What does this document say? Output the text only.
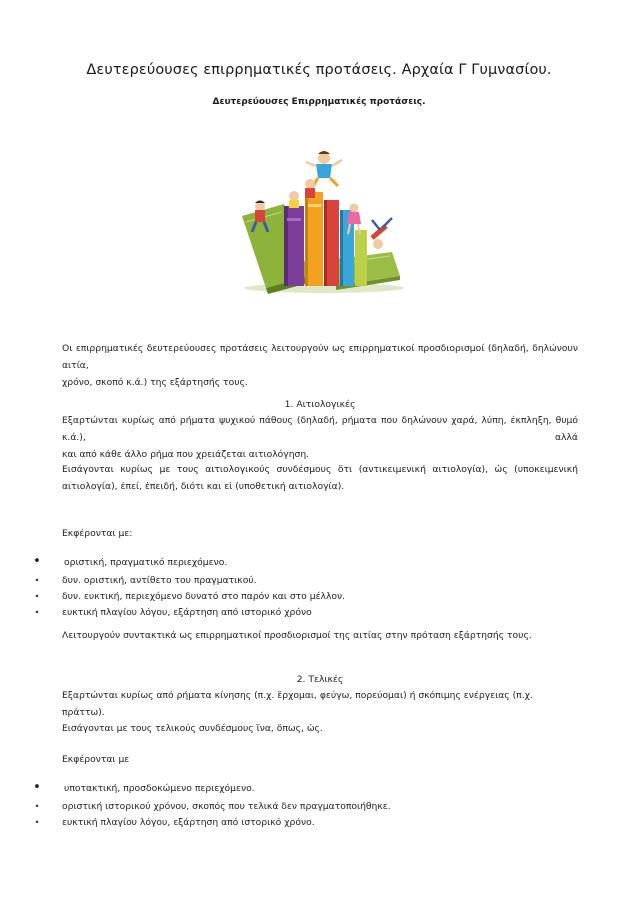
Δευτερεύουσες επιρρηματικές προτάσεις. Αρχαία Γ Γυμνασίου.
Δευτερεύουσες Επιρρηματικές προτάσεις.
Οι επιρρηματικές δευτερεύουσες προτάσεις λειτουργούν ως επιρρηματικοί προσδιορισμοί (δηλαδή, δηλώνουν αιτία,
χρόνο, σκοπό κ.ά.) της εξάρτησής τους.
1. Αιτιολογικές
Εξαρτώνται κυρίως από ρήματα ψυχικού πάθους (δηλαδή, ρήματα που δηλώνουν χαρά, λύπη, έκπληξη, θυμό κ.ά.), αλλά
και από κάθε άλλο ρήμα που χρειάζεται αιτιολόγηση.
Εισάγονται κυρίως με τους αιτιολογικούς συνδέσμους ὅτι (αντικειμενική αιτιολογία), ὡς (υποκειμενική
αιτιολογία), ἐπεί, ἐπειδή, διότι και εἰ (υποθετική αιτιολογία).
Εκφέρονται με:
•	οριστική, πραγματικό περιεχόμενο.
• δυν. οριστική, αντίθετο του πραγματικού.
• δυν. ευκτική, περιεχόμενο δυνατό στο παρόν και στο μέλλον.
• ευκτική πλαγίου λόγου, εξάρτηση από ιστορικό χρόνο
Λειτουργούν συντακτικά ως επιρρηματικοί προσδιορισμοί της αιτίας στην πρόταση εξάρτησής τους.
2. Τελικές
Εξαρτώνται κυρίως από ρήματα κίνησης (π.χ. ἔρχομαι, φεύγω, πορεύομαι) ή σκόπιμης ενέργειας (π.χ. πράττω).
Εισάγονται με τους τελικούς συνδέσμους ἵνα, ὅπως, ὡς.
Εκφέρονται με
•	υποτακτική, προσδοκώμενο περιεχόμενο.
• οριστική ιστορικού χρόνου, σκοπός που τελικά δεν πραγματοποιήθηκε.
• ευκτική πλαγίου λόγου, εξάρτηση από ιστορικό χρόνο.
